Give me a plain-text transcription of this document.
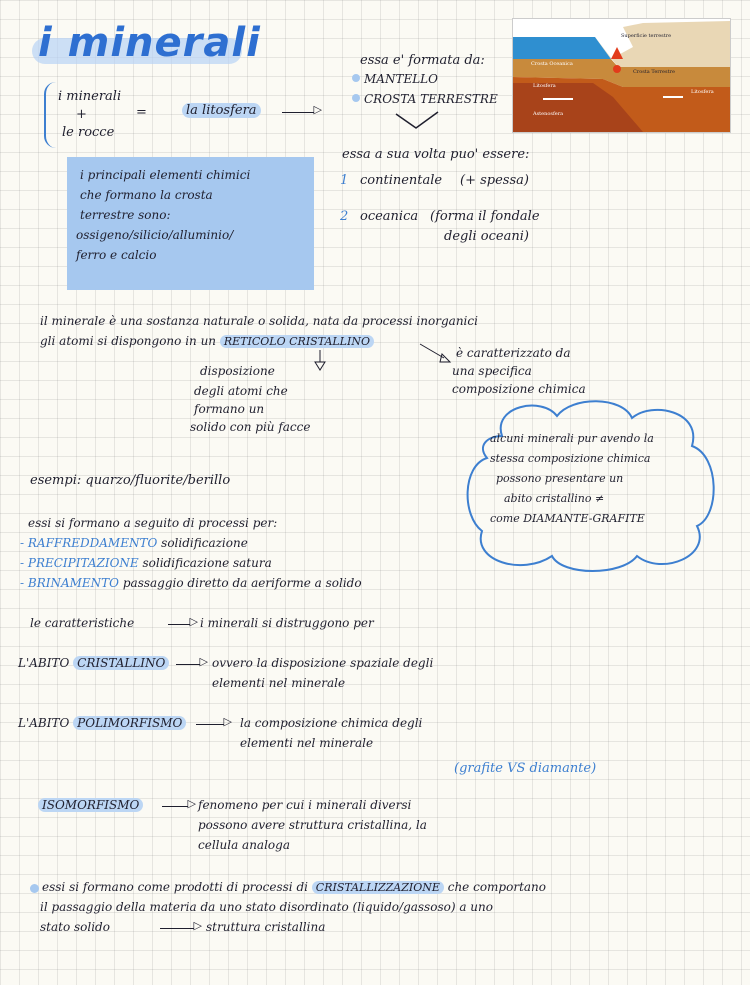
i minerali
i minerali
+
le rocce
=	la litosfera
▷
essa e' formata da:
MANTELLO
CROSTA TERRESTRE
Superficie terrestre
Crosta Oceanica
Crosta Terrestre
Litosfera
Litosfera
Astenosfera
essa a sua volta puo' essere:
1 continentale (+ spessa)
2 oceanica (forma il fondale
degli oceani)
i principali elementi chimici
che formano la crosta
terrestre sono:
ossigeno/silicio/alluminio/
ferro e calcio
il minerale è una sostanza naturale o solida, nata da processi inorganici
gli atomi si dispongono in un RETICOLO CRISTALLINO
disposizione
degli atomi che
formano un
solido con più facce
è caratterizzato da
una specifica
composizione chimica
alcuni minerali pur avendo la
stessa composizione chimica
possono presentare un
abito cristallino ≠
come DIAMANTE-GRAFITE
esempi: quarzo/fluorite/berillo
essi si formano a seguito di processi per:
- RAFFREDDAMENTO solidificazione
- PRECIPITAZIONE solidificazione satura
- BRINAMENTO passaggio diretto da aeriforme a solido
le caratteristiche ▷	i minerali si distruggono per
L'ABITO CRISTALLINO ▷	ovvero la disposizione spaziale degli
elementi nel minerale
L'ABITO POLIMORFISMO ▷	la composizione chimica degli
elementi nel minerale
(grafite VS diamante)
ISOMORFISMO ▷	fenomeno per cui i minerali diversi
possono avere struttura cristallina, la
cellula analoga
essi si formano come prodotti di processi di CRISTALLIZZAZIONE che comportano
il passaggio della materia da uno stato disordinato (liquido/gassoso) a uno
stato solido ▷	struttura cristallina
